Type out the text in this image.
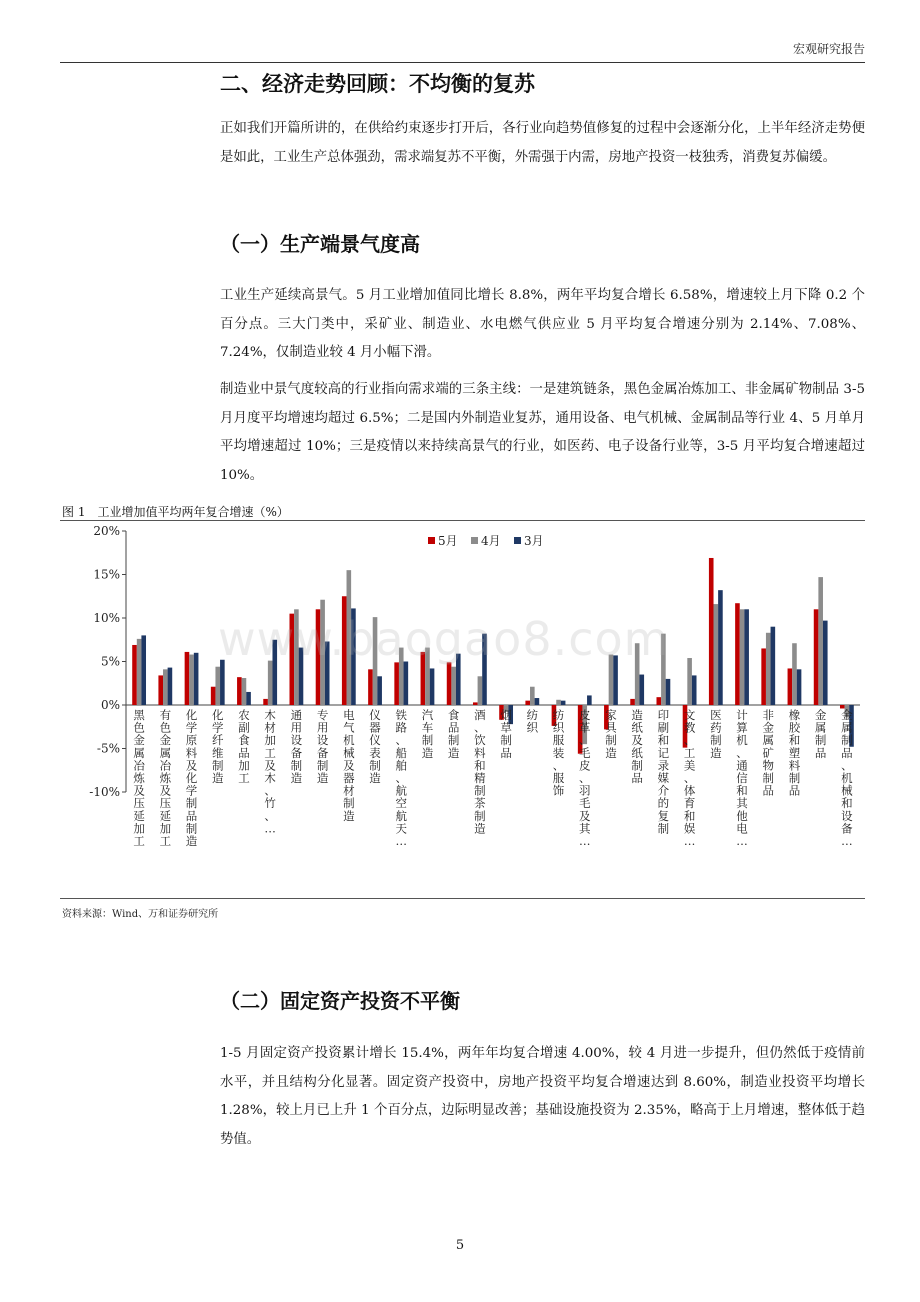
宏观研究报告
二、经济走势回顾：不均衡的复苏

正如我们开篇所讲的，在供给约束逐步打开后，各行业向趋势值修复的过程中会逐渐分化，上半年经济走势便是如此，工业生产总体强劲，需求端复苏不平衡，外需强于内需，房地产投资一枝独秀，消费复苏偏缓。

（一）生产端景气度高

工业生产延续高景气。5 月工业增加值同比增长 8.8%，两年平均复合增长 6.58%，增速较上月下降 0.2 个百分点。三大门类中，采矿业、制造业、水电燃气供应业 5 月平均复合增速分别为 2.14%、7.08%、7.24%，仅制造业较 4 月小幅下滑。

制造业中景气度较高的行业指向需求端的三条主线：一是建筑链条，黑色金属冶炼加工、非金属矿物制品 3-5 月月度平均增速均超过 6.5%；二是国内外制造业复苏，通用设备、电气机械、金属制品等行业 4、5 月单月平均增速超过 10%；三是疫情以来持续高景气的行业，如医药、电子设备行业等，3-5 月平均复合增速超过 10%。

图 1　工业增加值平均两年复合增速（%）
20%
15%
10%
5%
0%
-5%
-10%
黑色金属冶炼及压延加工
有色金属冶炼及压延加工
化学原料及化学制品制造
化学纤维制造
农副食品加工
木材加工及木、竹、…
通用设备制造
专用设备制造
电气机械及器材制造
仪器仪表制造
铁路、船舶、航空航天…
汽车制造
食品制造
酒、饮料和精制茶制造
烟草制品
纺织
纺织服装、服饰
皮革、毛皮、羽毛及其…
家具制造
造纸及纸制品
印刷和记录媒介的复制
文教、工美、体育和娱…
医药制造
计算机、通信和其他电…
非金属矿物制品
橡胶和塑料制品
金属制品
金属制品、机械和设备…
5月 4月 3月
www.baogao8.com
资料来源：Wind、万和证券研究所
（二）固定资产投资不平衡

1-5 月固定资产投资累计增长 15.4%，两年年均复合增速 4.00%，较 4 月进一步提升，但仍然低于疫情前水平，并且结构分化显著。固定资产投资中，房地产投资平均复合增速达到 8.60%，制造业投资平均增长 1.28%，较上月已上升 1 个百分点，边际明显改善；基础设施投资为 2.35%，略高于上月增速，整体低于趋势值。

5
